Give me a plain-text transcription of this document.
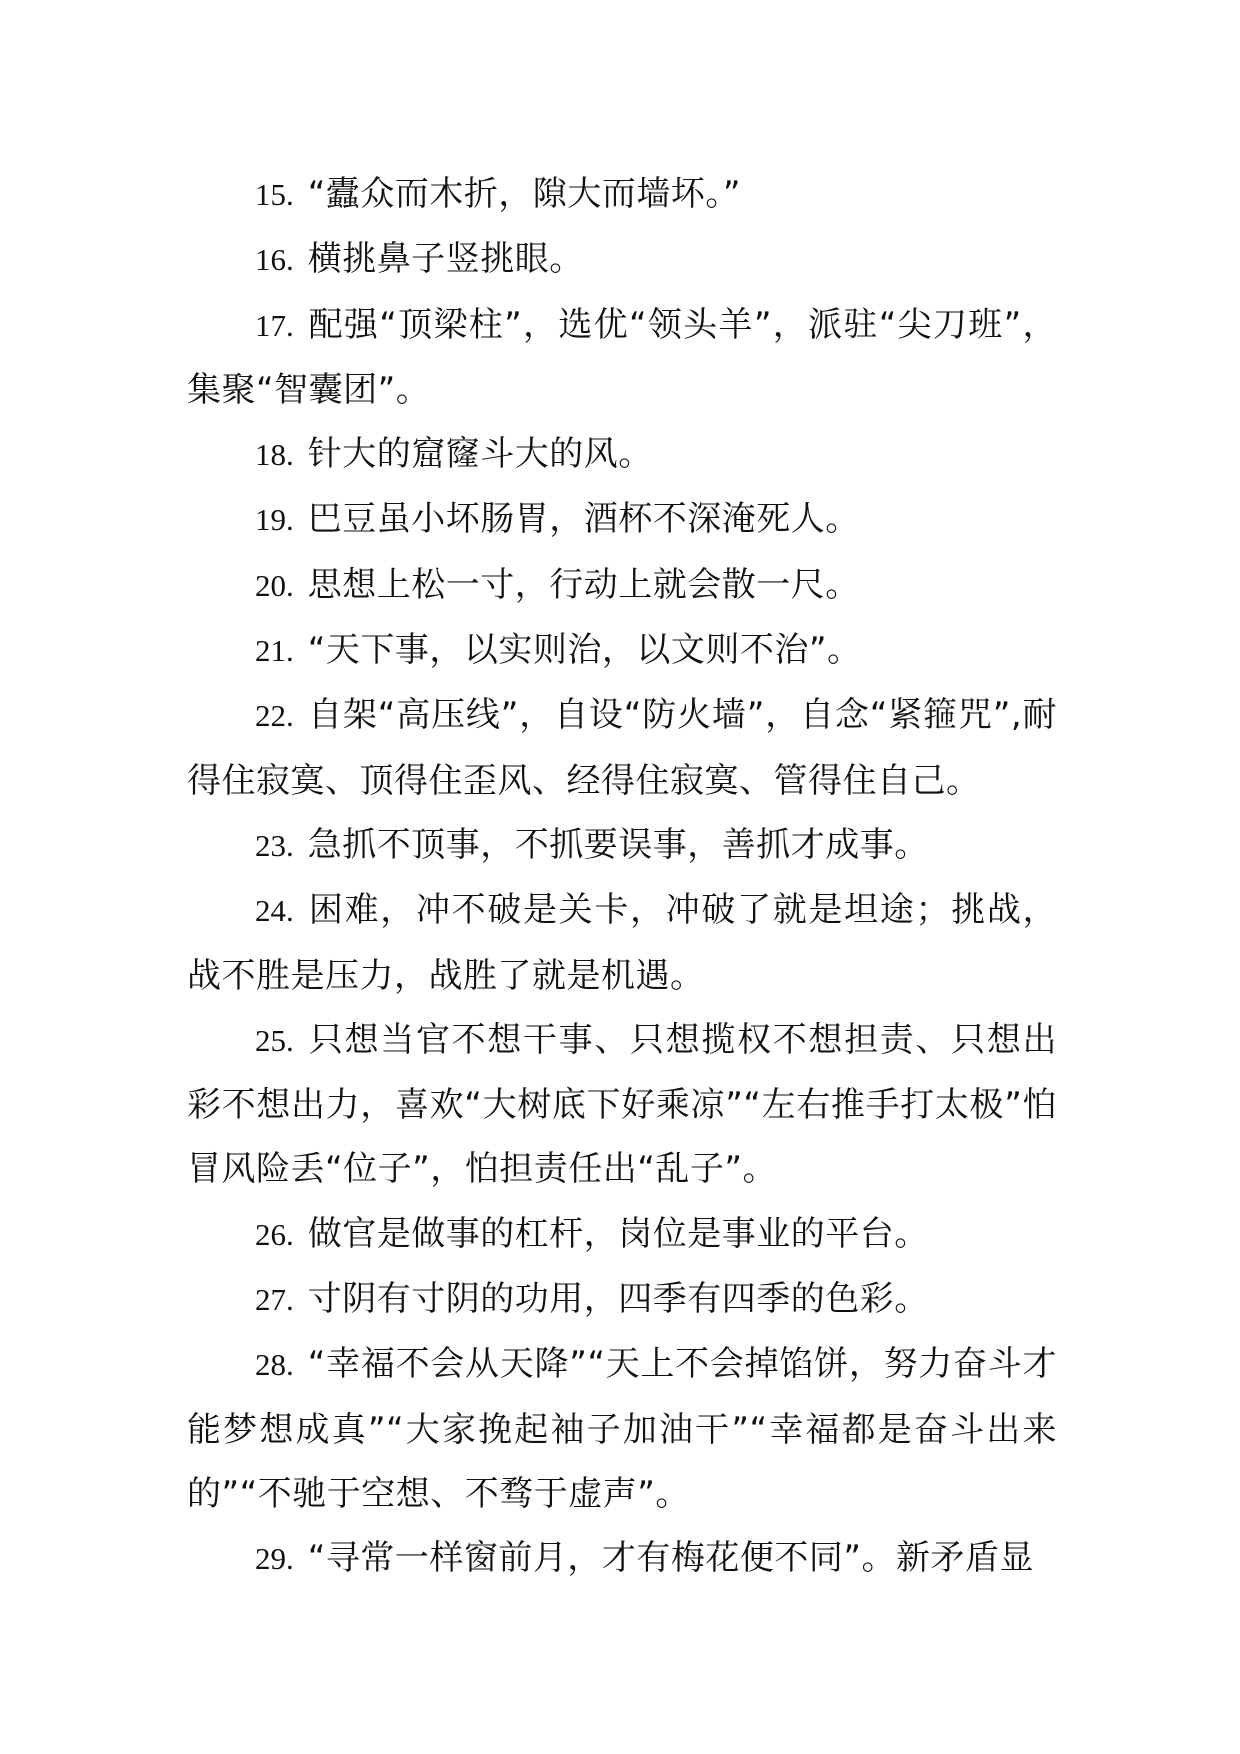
15. “蠹众而木折，隙大而墙坏。”

16. 横挑鼻子竖挑眼。

17. 配强“顶梁柱”，选优“领头羊”，派驻“尖刀班”，集聚“智囊团”。

18. 针大的窟窿斗大的风。

19. 巴豆虽小坏肠胃，酒杯不深淹死人。

20. 思想上松一寸，行动上就会散一尺。

21. “天下事，以实则治，以文则不治”。

22. 自架“高压线”，自设“防火墙”，自念“紧箍咒”,耐得住寂寞、顶得住歪风、经得住寂寞、管得住自己。

23. 急抓不顶事，不抓要误事，善抓才成事。

24. 困难，冲不破是关卡，冲破了就是坦途；挑战，战不胜是压力，战胜了就是机遇。

25. 只想当官不想干事、只想揽权不想担责、只想出彩不想出力，喜欢“大树底下好乘凉”“左右推手打太极”怕冒风险丢“位子”，怕担责任出“乱子”。

26. 做官是做事的杠杆，岗位是事业的平台。

27. 寸阴有寸阴的功用，四季有四季的色彩。

28. “幸福不会从天降”“天上不会掉馅饼，努力奋斗才能梦想成真”“大家挽起袖子加油干”“幸福都是奋斗出来的”“不驰于空想、不骛于虚声”。

29. “寻常一样窗前月，才有梅花便不同”。新矛盾显
